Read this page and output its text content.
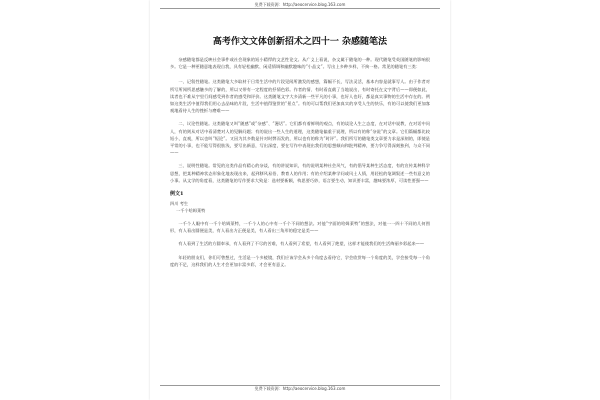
免费下载资源：http://aeocervice.blog.163.com
高考作文文体创新招术之四十一 杂感随笔法

杂感随笔都是反映社会事件或社会现象的短小精悍的文艺性论文。从广义上看说，杂文属于随笔的一种。现代随笔受英国随笔的影响很多。它是一种更随意地表现自我，具有轻松幽默、闲适情调和幽默趣味的“小品文”。写出上多种多样，不拘一格。常见的随笔有三类：

一、记叙性随笔。这类随笔大多取材于日常生活中的片段见闻所激发的感想，篇幅不长，写法灵活，基本内容是就事写人。由于作者对所写所闻所思感触多的了解的，所以又带有一定程度的抒情色彩。作者的情、有时看直截了当地说出，有时寄托在文字背后——即便如此，读者也不难从字里行间感受到作者的感受和评价。这类随笔文字大多清新一些平凡的小事，也好人也好，都是真实事物的生活中存在的。例如这类生活中值得我们用心去品味的片段，生活中值得鉴赏的“景点”。有的可以帮我们更加真实的享受人生的快乐，有的可以使我们更加客观地看待人生的挫折与磨难——

二、议论性随笔。这类随笔又叫“随感”或“杂感”、“漫话”。它们都有着鲜明的观点，有的谈论人生之态度，在对话中说教，在对话中问人，有的则从对话中看清楚对人的见解问题；有的说出一些人生的道理，这类随笔偏重于说理，所以有的称“杂说”的文章。它们篇幅都比较短小，直观，所以也叫“短论”。又因为其多数是针对时弊而发的，所以也有的称为“时评”。我们所写的随笔类文章要力求是深刻的，即使是平常的小事，也不能写得很肤浅，要写出新意，写出深度，要在写作中表现出我们的思想倾向和批判精神，要力争写得深刻独到，与众不同——

三、说明性随笔。常见的这类作品有精心的杂谈，有的讲说知识，有的说明某种社会风气，有的倡导某种生活态度，有的宣传某种科学思想，把某种精神状态形象化地表现出来，起到移风易俗、教育人的作用；有的介绍某种学问或风土人情，用轻松的笔调叙述一些有意义的小事。从文学的角度看，这类随笔的写作要求大致是：选材要新颖，构思要巧妙，语言要生动，知识要丰富，趣味要浓厚，可读性要强——

例文1
四川 考生
一千个哈姆莱特

一千个人眼中有一千个哈姆莱特，一千个人的心中有一千个不同的想法。对他“字面的哈姆莱特”的想法，对他一一四十不同的几何图形，有人看出圆便是美，有人看出方正便是美，有人看出三角形的稳定是美——

有人看到了生活的方圆奉承，有人看到了不尽的苦难，有人看到了希望，有人看到了绝望，这样才能使我们的生活绚丽多彩起来——

年轻的朋友们，你们可曾想过，生活是一个多棱镜，我们应该学会从多个角度去看待它，学会欣赏每一个角度的美，学会接受每一个角度的不足，这样我们的人生才会更加丰富多彩，才会更有意义。

免费下载资源：http://aeocervice.blog.163.com
